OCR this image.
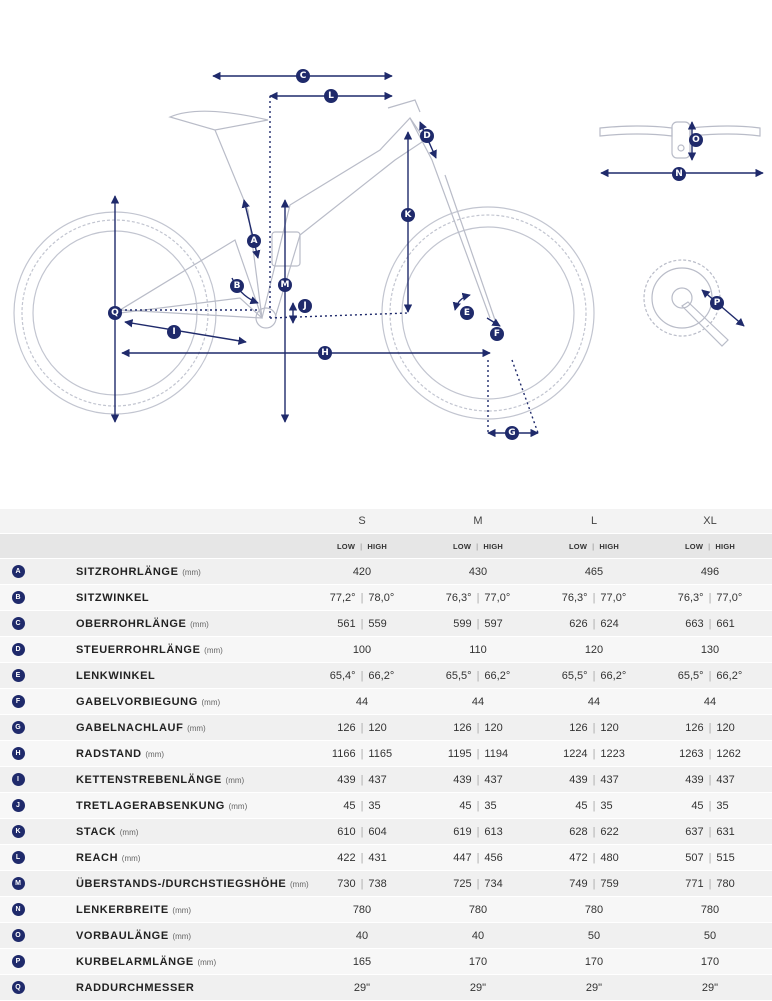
C
L
D	O
N
K
A
M
B
J
E
F
Q
I
H
G
P
S	M	L	XL
LOW | HIGH	LOW | HIGH	LOW | HIGH	LOW | HIGH
A	SITZROHRLÄNGE (mm)	420	430	465	496
B	SITZWINKEL	77,2° | 78,0°	76,3° | 77,0°	76,3° | 77,0°	76,3° | 77,0°
C	OBERROHRLÄNGE (mm)	561 | 559	599 | 597	626 | 624	663 | 661
D	STEUERROHRLÄNGE (mm)	100	110	120	130
E	LENKWINKEL	65,4° | 66,2°	65,5° | 66,2°	65,5° | 66,2°	65,5° | 66,2°
F	GABELVORBIEGUNG (mm)	44	44	44	44
G	GABELNACHLAUF (mm)	126 | 120	126 | 120	126 | 120	126 | 120
H	RADSTAND (mm)	1166 | 1165	1195 | 1194	1224 | 1223	1263 | 1262
I	KETTENSTREBENLÄNGE (mm)	439 | 437	439 | 437	439 | 437	439 | 437
J	TRETLAGERABSENKUNG (mm)	45 | 35	45 | 35	45 | 35	45 | 35
K	STACK (mm)	610 | 604	619 | 613	628 | 622	637 | 631
L	REACH (mm)	422 | 431	447 | 456	472 | 480	507 | 515
M	ÜBERSTANDS-/DURCHSTIEGSHÖHE (mm)	730 | 738	725 | 734	749 | 759	771 | 780
N	LENKERBREITE (mm)	780	780	780	780
O	VORBAULÄNGE (mm)	40	40	50	50
P	KURBELARMLÄNGE (mm)	165	170	170	170
Q	RADDURCHMESSER	29"	29"	29"	29"
